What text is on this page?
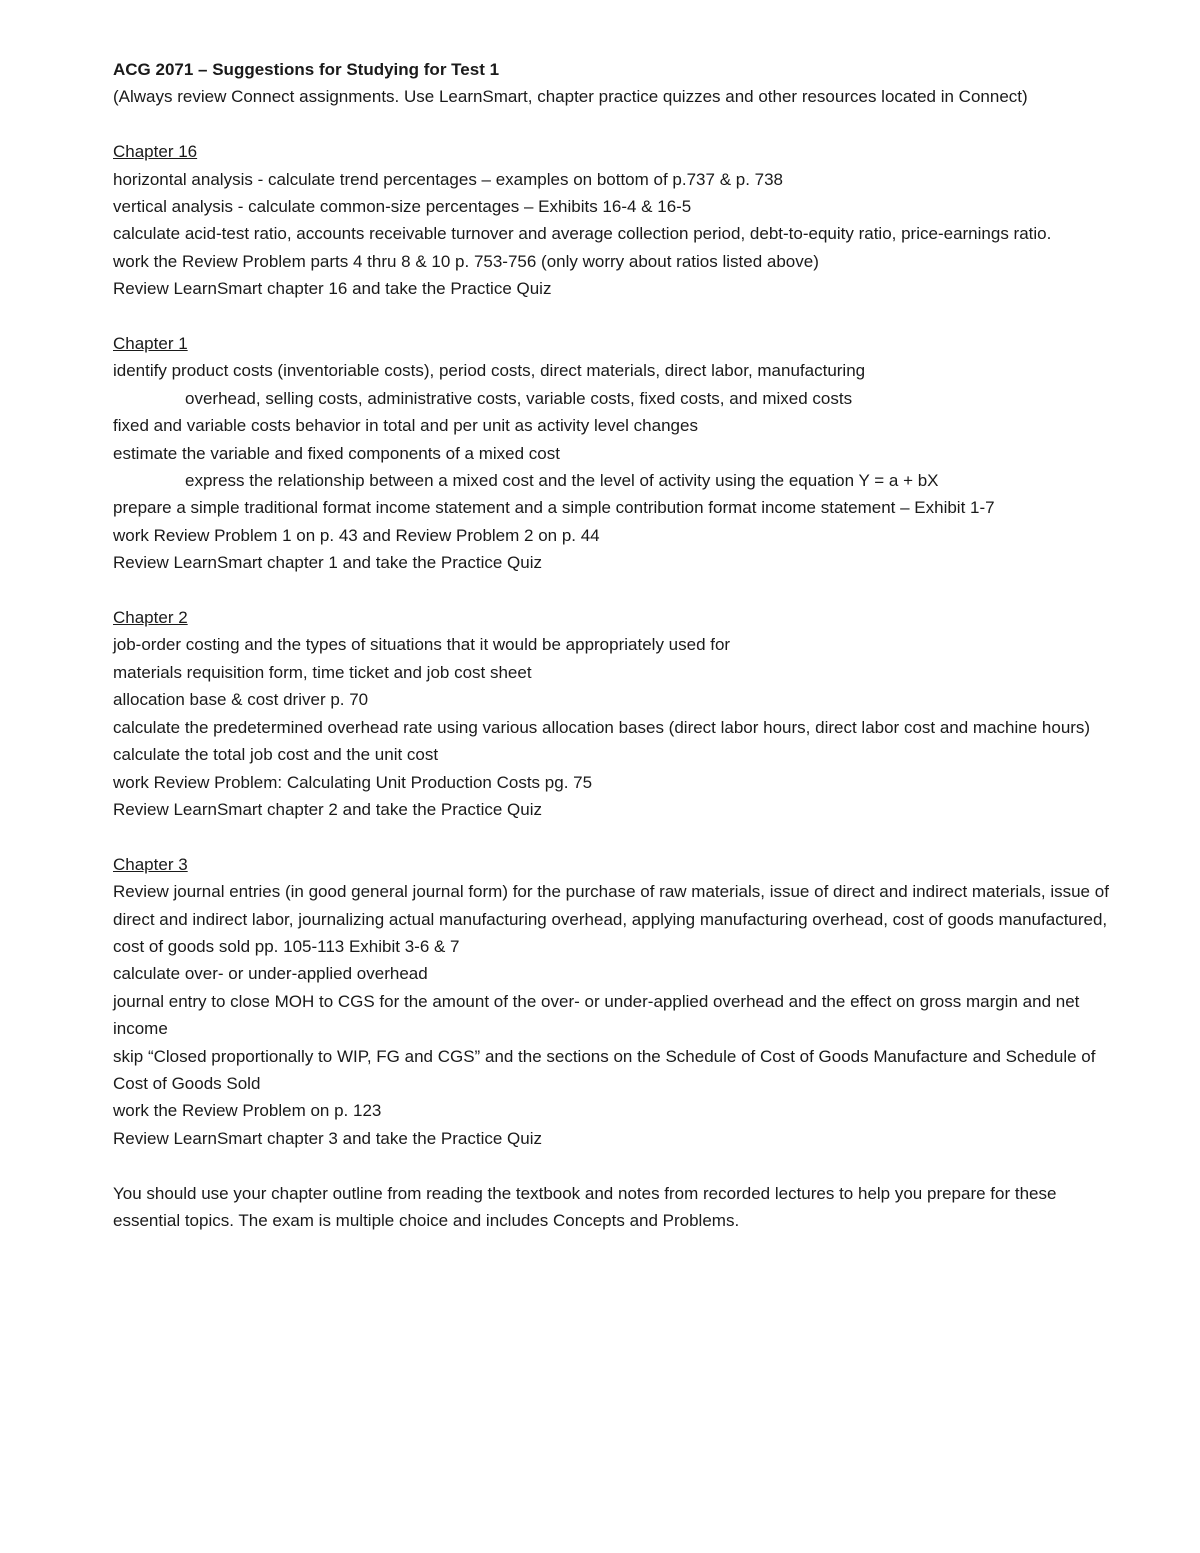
ACG 2071 – Suggestions for Studying for Test 1
(Always review Connect assignments. Use LearnSmart, chapter practice quizzes and other resources located in Connect)
Chapter 16
horizontal analysis - calculate trend percentages – examples on bottom of p.737 & p. 738
vertical analysis - calculate common-size percentages – Exhibits 16-4 & 16-5
calculate acid-test ratio, accounts receivable turnover and average collection period, debt-to-equity ratio, price-earnings ratio.
work the Review Problem parts 4 thru 8 & 10 p. 753-756 (only worry about ratios listed above)
Review LearnSmart chapter 16 and take the Practice Quiz
Chapter 1
identify product costs (inventoriable costs), period costs, direct materials, direct labor, manufacturing
overhead, selling costs, administrative costs, variable costs, fixed costs, and mixed costs
fixed and variable costs behavior in total and per unit as activity level changes
estimate the variable and fixed components of a mixed cost
express the relationship between a mixed cost and the level of activity using the equation Y = a + bX
prepare a simple traditional format income statement and a simple contribution format income statement – Exhibit 1-7
work Review Problem 1 on p. 43 and Review Problem 2 on p. 44
Review LearnSmart chapter 1 and take the Practice Quiz
Chapter 2
job-order costing and the types of situations that it would be appropriately used for
materials requisition form, time ticket and job cost sheet
allocation base & cost driver p. 70
calculate the predetermined overhead rate using various allocation bases (direct labor hours, direct labor cost and machine hours)
calculate the total job cost and the unit cost
work Review Problem: Calculating Unit Production Costs pg. 75
Review LearnSmart chapter 2 and take the Practice Quiz
Chapter 3
Review journal entries (in good general journal form) for the purchase of raw materials, issue of direct and indirect materials, issue of direct and indirect labor, journalizing actual manufacturing overhead, applying manufacturing overhead, cost of goods manufactured, cost of goods sold pp. 105-113 Exhibit 3-6 & 7
calculate over- or under-applied overhead
journal entry to close MOH to CGS for the amount of the over- or under-applied overhead and the effect on gross margin and net income
skip “Closed proportionally to WIP, FG and CGS” and the sections on the Schedule of Cost of Goods Manufacture and Schedule of Cost of Goods Sold
work the Review Problem on p. 123
Review LearnSmart chapter 3 and take the Practice Quiz
You should use your chapter outline from reading the textbook and notes from recorded lectures to help you prepare for these essential topics. The exam is multiple choice and includes Concepts and Problems.
